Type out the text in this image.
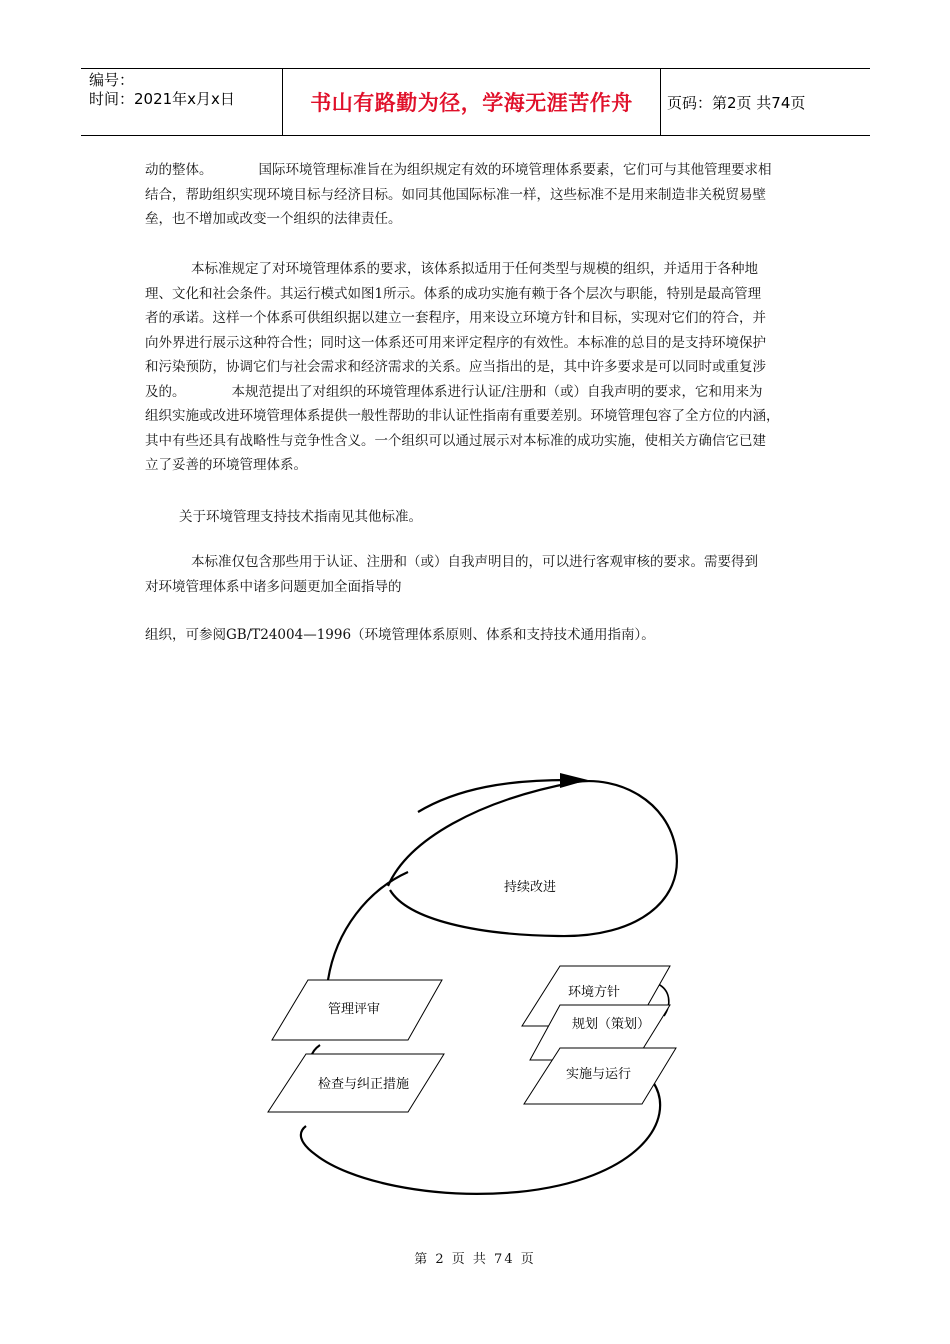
编号：
时间：2021年x月x日	书山有路勤为径，学海无涯苦作舟	页码：第2页 共74页
动的整体。	国际环境管理标准旨在为组织规定有效的环境管理体系要素，它们可与其他管理要求相
结合，帮助组织实现环境目标与经济目标。如同其他国际标准一样，这些标准不是用来制造非关税贸易壁
垒，也不增加或改变一个组织的法律责任。
本标准规定了对环境管理体系的要求，该体系拟适用于任何类型与规模的组织，并适用于各种地
理、文化和社会条件。其运行模式如图1所示。体系的成功实施有赖于各个层次与职能，特别是最高管理
者的承诺。这样一个体系可供组织据以建立一套程序，用来设立环境方针和目标，实现对它们的符合，并
向外界进行展示这种符合性；同时这一体系还可用来评定程序的有效性。本标准的总目的是支持环境保护
和污染预防，协调它们与社会需求和经济需求的关系。应当指出的是，其中许多要求是可以同时或重复涉
及的。	本规范提出了对组织的环境管理体系进行认证/注册和（或）自我声明的要求，它和用来为
组织实施或改进环境管理体系提供一般性帮助的非认证性指南有重要差别。环境管理包容了全方位的内涵，
其中有些还具有战略性与竞争性含义。一个组织可以通过展示对本标准的成功实施，使相关方确信它已建
立了妥善的环境管理体系。
关于环境管理支持技术指南见其他标准。
本标准仅包含那些用于认证、注册和（或）自我声明目的，可以进行客观审核的要求。需要得到
对环境管理体系中诸多问题更加全面指导的
组织，可参阅GB/T24004—1996（环境管理体系原则、体系和支持技术通用指南）。
持续改进
管理评审
检查与纠正措施
环境方针
规划（策划）
实施与运行
第 2 页 共 74 页
